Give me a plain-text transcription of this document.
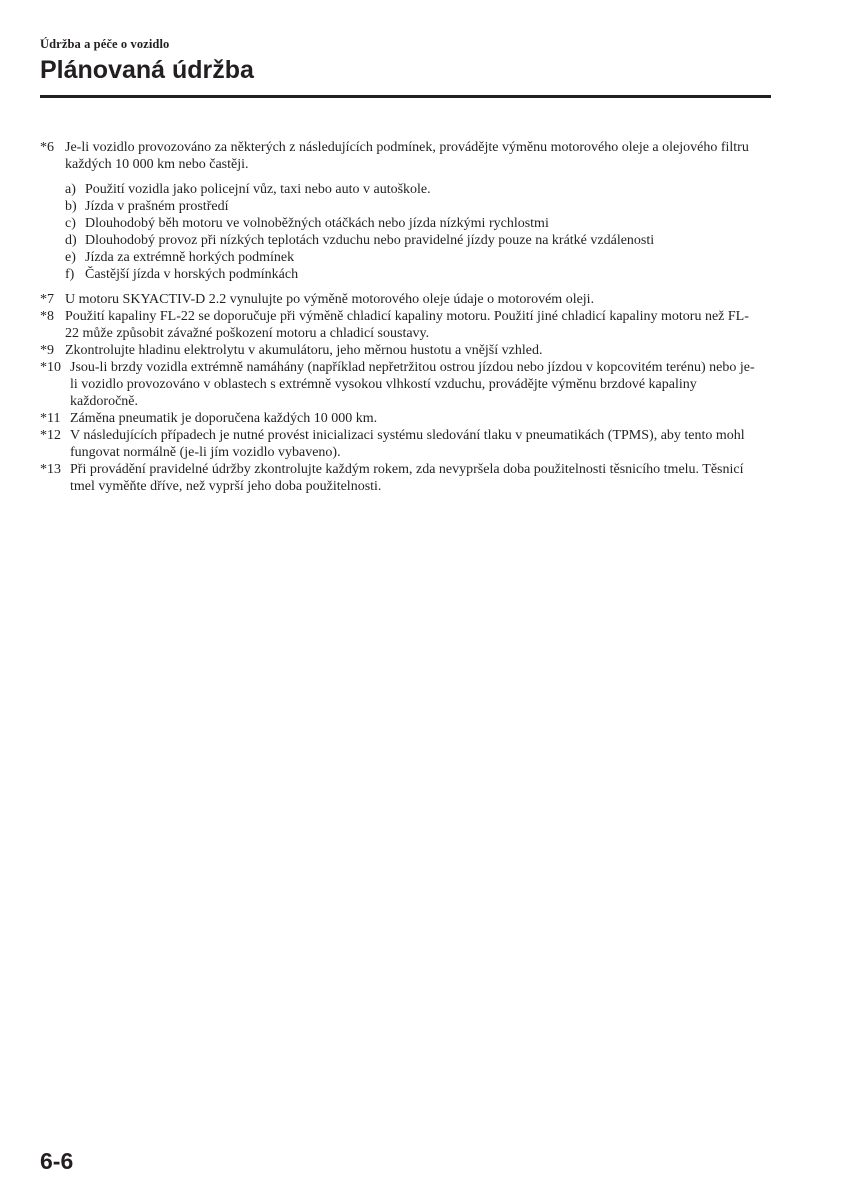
Údržba a péče o vozidlo
Plánovaná údržba
*6 Je-li vozidlo provozováno za některých z následujících podmínek, provádějte výměnu motorového oleje a olejového filtru každých 10 000 km nebo častěji.
a) Použití vozidla jako policejní vůz, taxi nebo auto v autoškole.
b) Jízda v prašném prostředí
c) Dlouhodobý běh motoru ve volnoběžných otáčkách nebo jízda nízkými rychlostmi
d) Dlouhodobý provoz při nízkých teplotách vzduchu nebo pravidelné jízdy pouze na krátké vzdálenosti
e) Jízda za extrémně horkých podmínek
f) Častější jízda v horských podmínkách
*7 U motoru SKYACTIV-D 2.2 vynulujte po výměně motorového oleje údaje o motorovém oleji.
*8 Použití kapaliny FL-22 se doporučuje při výměně chladicí kapaliny motoru. Použití jiné chladicí kapaliny motoru než FL-22 může způsobit závažné poškození motoru a chladicí soustavy.
*9 Zkontrolujte hladinu elektrolytu v akumulátoru, jeho měrnou hustotu a vnější vzhled.
*10 Jsou-li brzdy vozidla extrémně namáhány (například nepřetržitou ostrou jízdou nebo jízdou v kopcovitém terénu) nebo je-li vozidlo provozováno v oblastech s extrémně vysokou vlhkostí vzduchu, provádějte výměnu brzdové kapaliny každoročně.
*11 Záměna pneumatik je doporučena každých 10 000 km.
*12 V následujících případech je nutné provést inicializaci systému sledování tlaku v pneumatikách (TPMS), aby tento mohl fungovat normálně (je-li jím vozidlo vybaveno).
*13 Při provádění pravidelné údržby zkontrolujte každým rokem, zda nevypršela doba použitelnosti těsnicího tmelu. Těsnicí tmel vyměňte dříve, než vyprší jeho doba použitelnosti.
6-6
